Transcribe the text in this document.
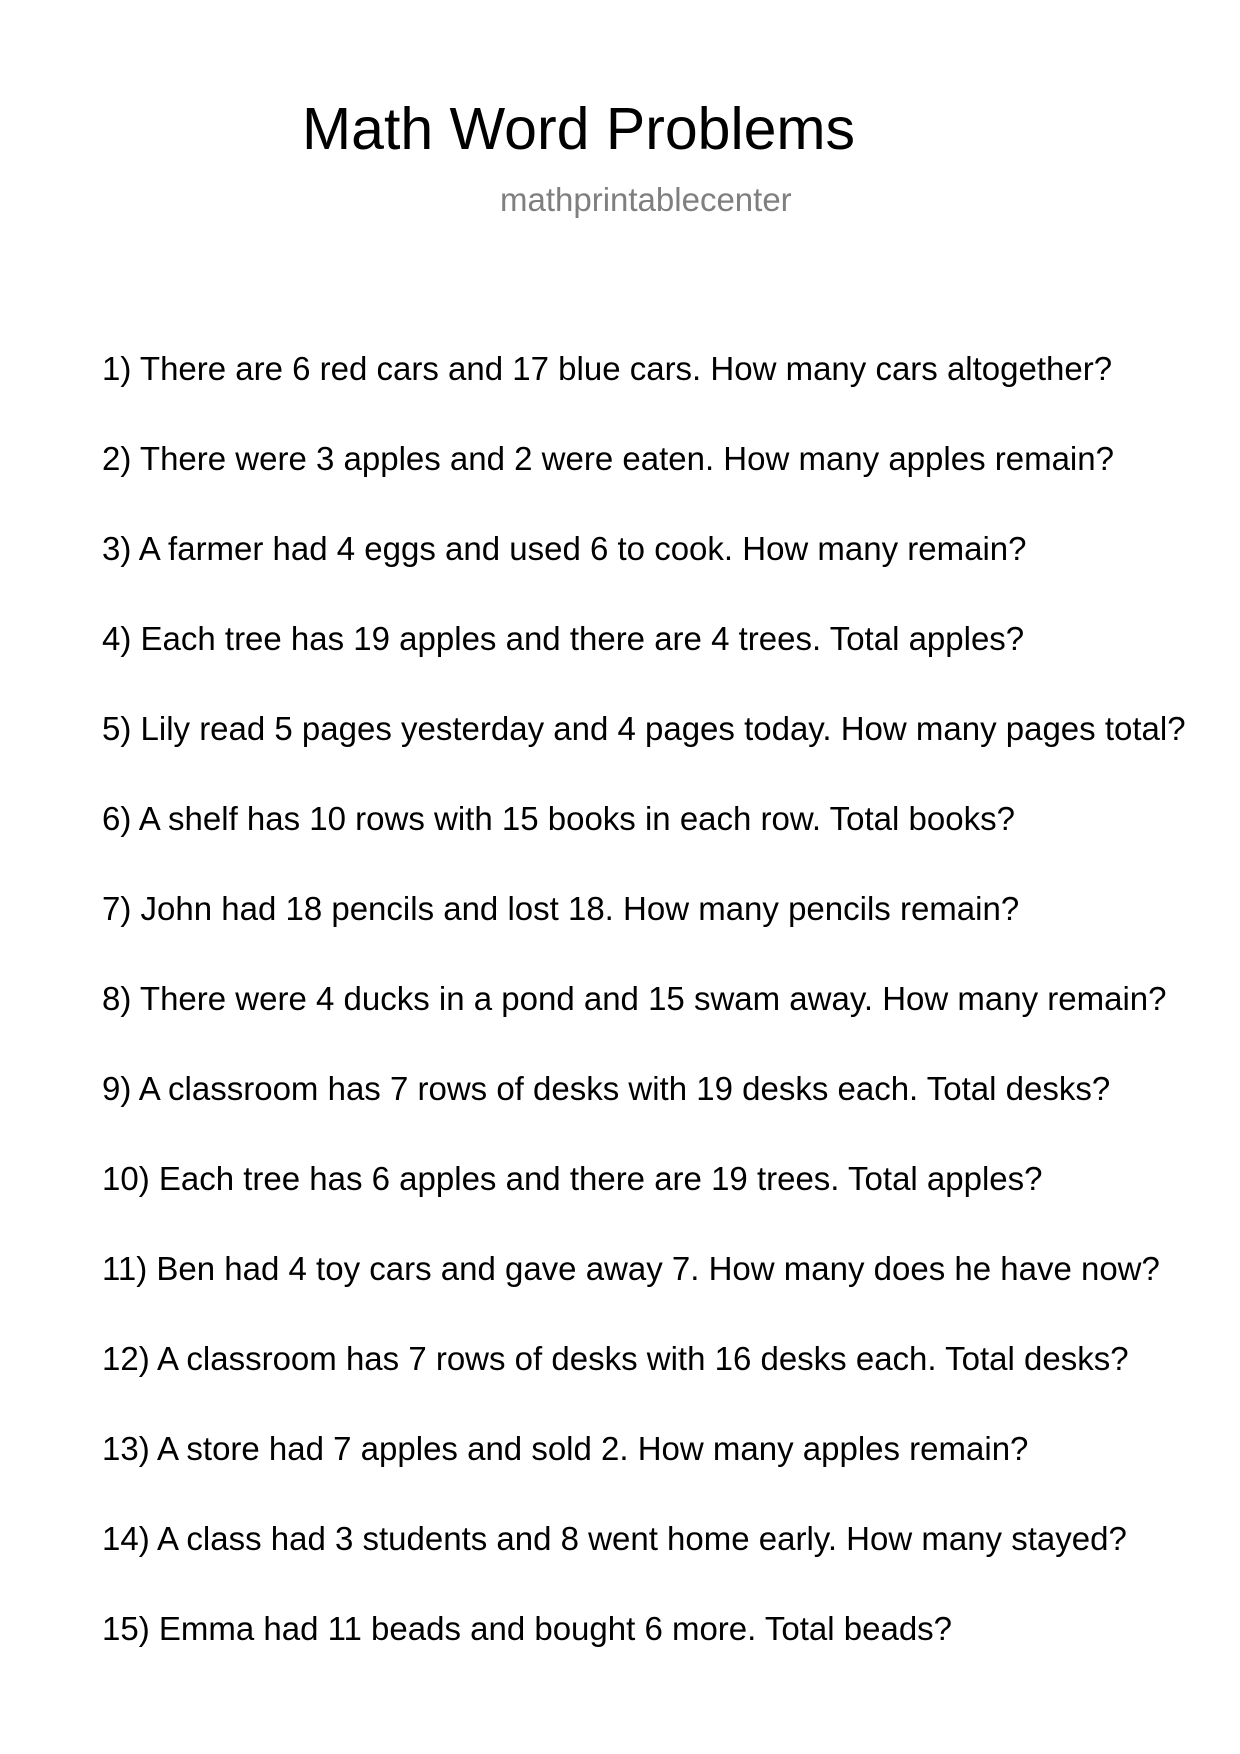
Math Word Problems
mathprintablecenter
1) There are 6 red cars and 17 blue cars. How many cars altogether?
2) There were 3 apples and 2 were eaten. How many apples remain?
3) A farmer had 4 eggs and used 6 to cook. How many remain?
4) Each tree has 19 apples and there are 4 trees. Total apples?
5) Lily read 5 pages yesterday and 4 pages today. How many pages total?
6) A shelf has 10 rows with 15 books in each row. Total books?
7) John had 18 pencils and lost 18. How many pencils remain?
8) There were 4 ducks in a pond and 15 swam away. How many remain?
9) A classroom has 7 rows of desks with 19 desks each. Total desks?
10) Each tree has 6 apples and there are 19 trees. Total apples?
11) Ben had 4 toy cars and gave away 7. How many does he have now?
12) A classroom has 7 rows of desks with 16 desks each. Total desks?
13) A store had 7 apples and sold 2. How many apples remain?
14) A class had 3 students and 8 went home early. How many stayed?
15) Emma had 11 beads and bought 6 more. Total beads?
